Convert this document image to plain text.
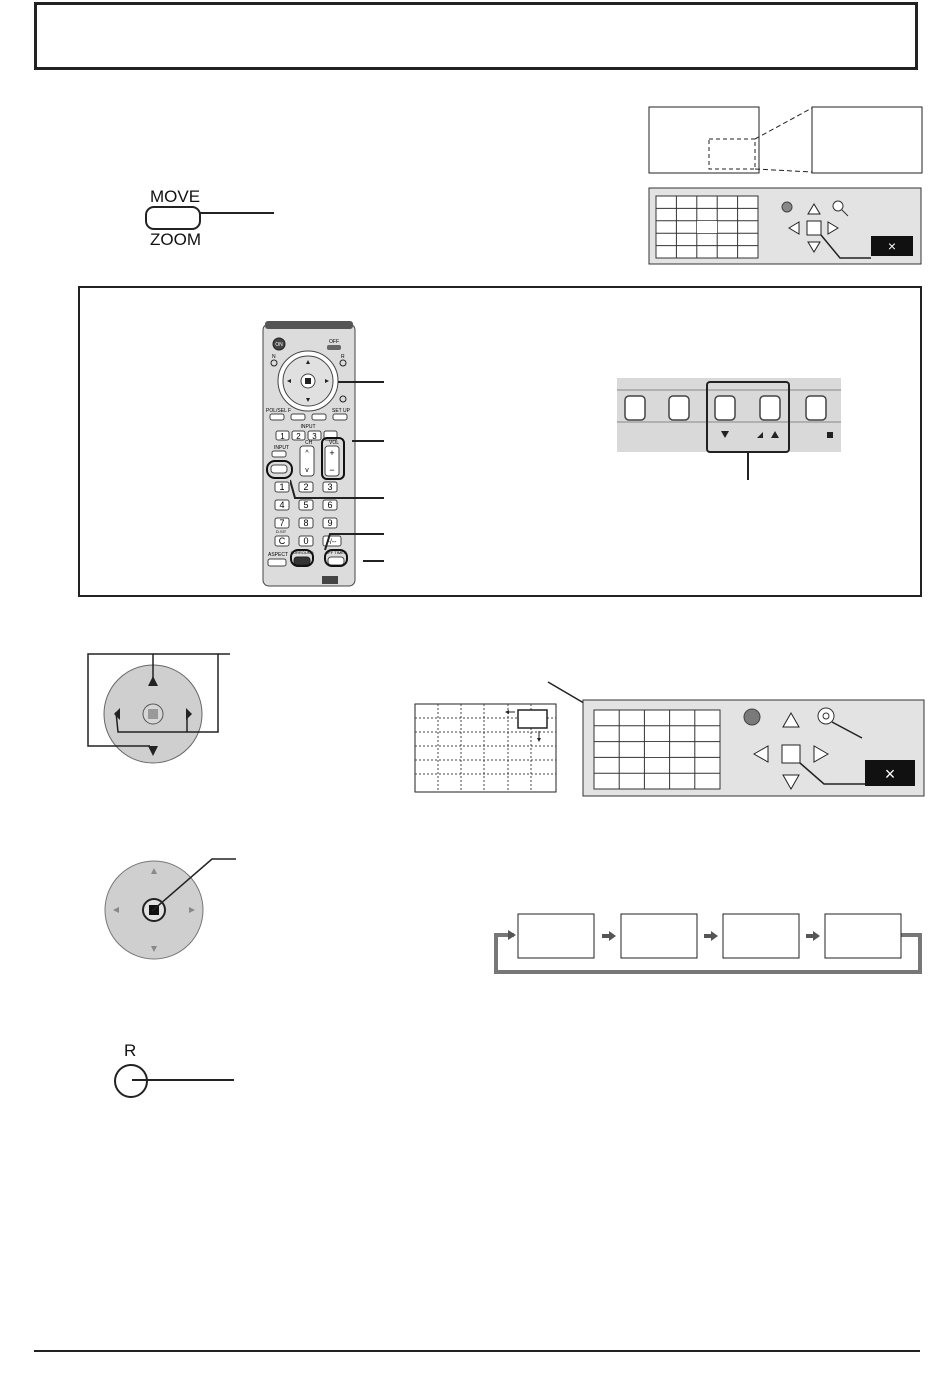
MOVE
ZOOM	×
ON	OFF
N	R
POL/SEL F	SET UP
INPUT
1 2 3
INPUT
CH	VOL
^
v
+
−
1 2 3
4 5 6
7 8 9
C 0	-/--
D.SIT
ASPECT SURROUND	OFF TIMER
×
R
